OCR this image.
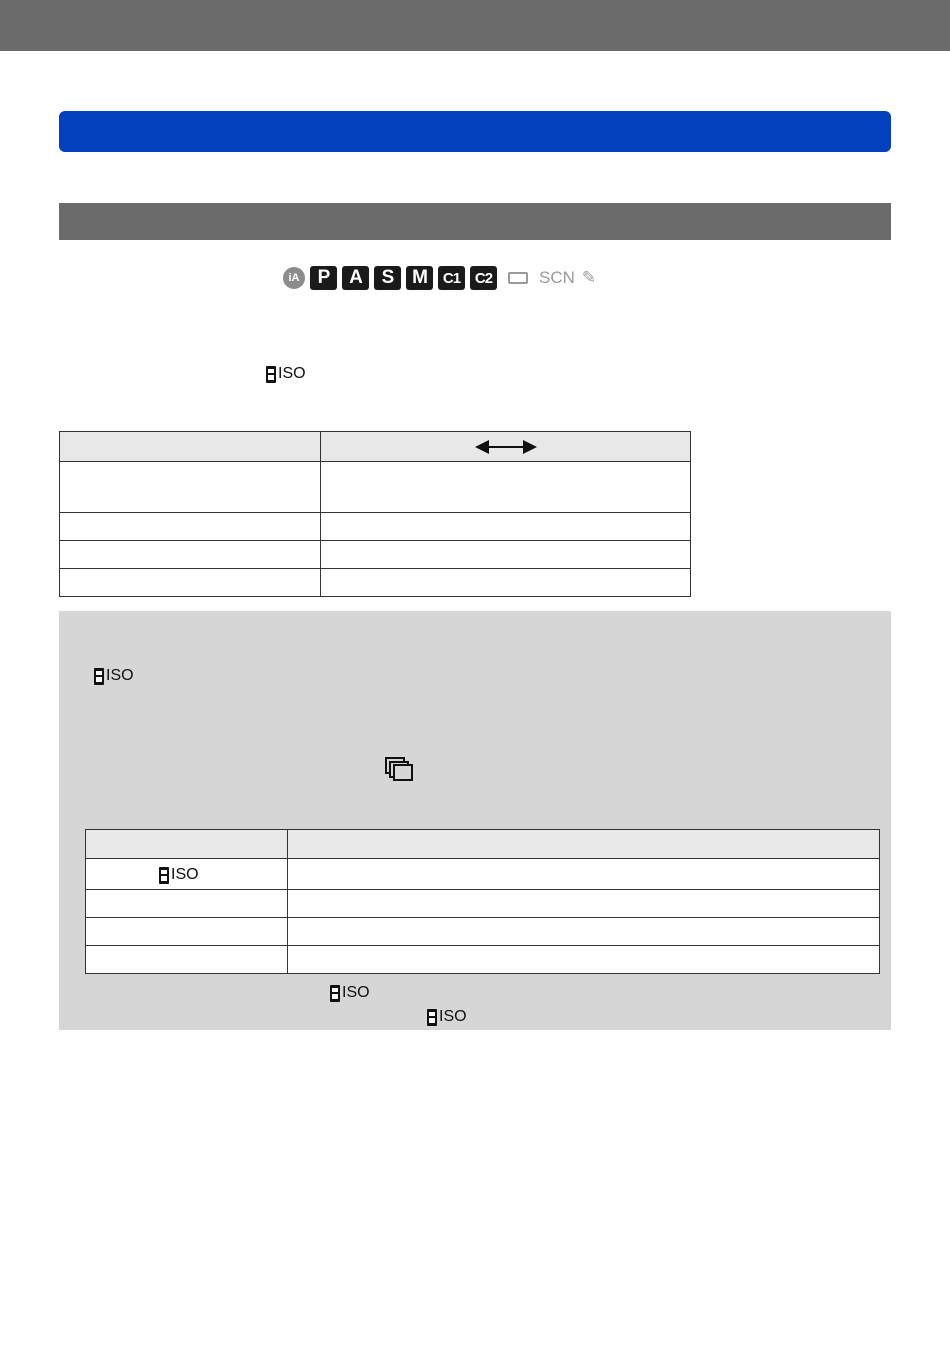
iA P	A	S M	C1 C2	SCN ✎
ISO

ISO

ISO	

ISO
ISO
